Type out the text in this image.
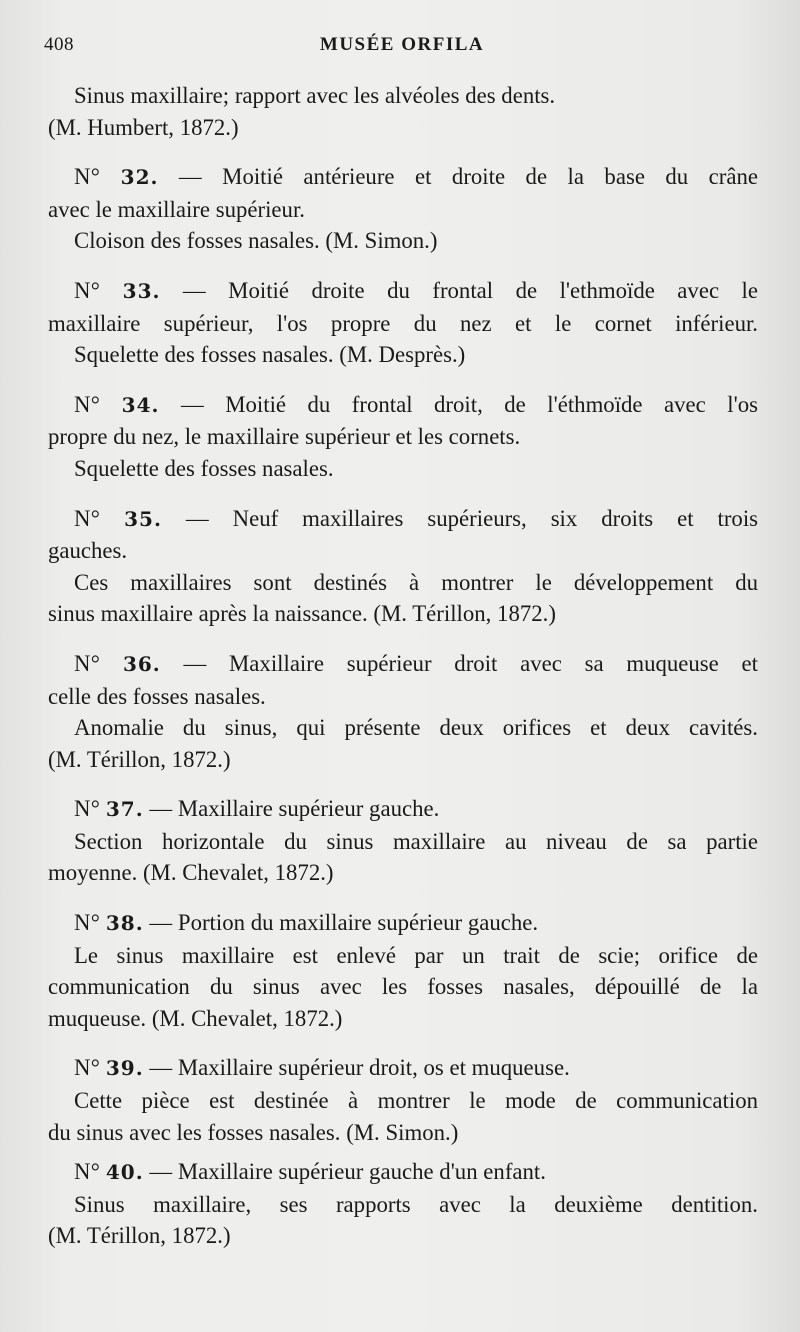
408	MUSÉE ORFILA

Sinus maxillaire; rapport avec les alvéoles des dents.

(M. Humbert, 1872.)

N° 32. — Moitié antérieure et droite de la base du crâne

avec le maxillaire supérieur.

Cloison des fosses nasales. (M. Simon.)

N° 33. — Moitié droite du frontal de l'ethmoïde avec le

maxillaire supérieur, l'os propre du nez et le cornet inférieur.

Squelette des fosses nasales. (M. Desprès.)

N° 34. — Moitié du frontal droit, de l'éthmoïde avec l'os

propre du nez, le maxillaire supérieur et les cornets.

Squelette des fosses nasales.

N° 35. — Neuf maxillaires supérieurs, six droits et trois

gauches.

Ces maxillaires sont destinés à montrer le développement du

sinus maxillaire après la naissance. (M. Térillon, 1872.)

N° 36. — Maxillaire supérieur droit avec sa muqueuse et

celle des fosses nasales.

Anomalie du sinus, qui présente deux orifices et deux cavités.

(M. Térillon, 1872.)

N° 37. — Maxillaire supérieur gauche.

Section horizontale du sinus maxillaire au niveau de sa partie

moyenne. (M. Chevalet, 1872.)

N° 38. — Portion du maxillaire supérieur gauche.

Le sinus maxillaire est enlevé par un trait de scie; orifice de

communication du sinus avec les fosses nasales, dépouillé de la

muqueuse. (M. Chevalet, 1872.)

N° 39. — Maxillaire supérieur droit, os et muqueuse.

Cette pièce est destinée à montrer le mode de communication

du sinus avec les fosses nasales. (M. Simon.)

N° 40. — Maxillaire supérieur gauche d'un enfant.

Sinus maxillaire, ses rapports avec la deuxième dentition.

(M. Térillon, 1872.)
